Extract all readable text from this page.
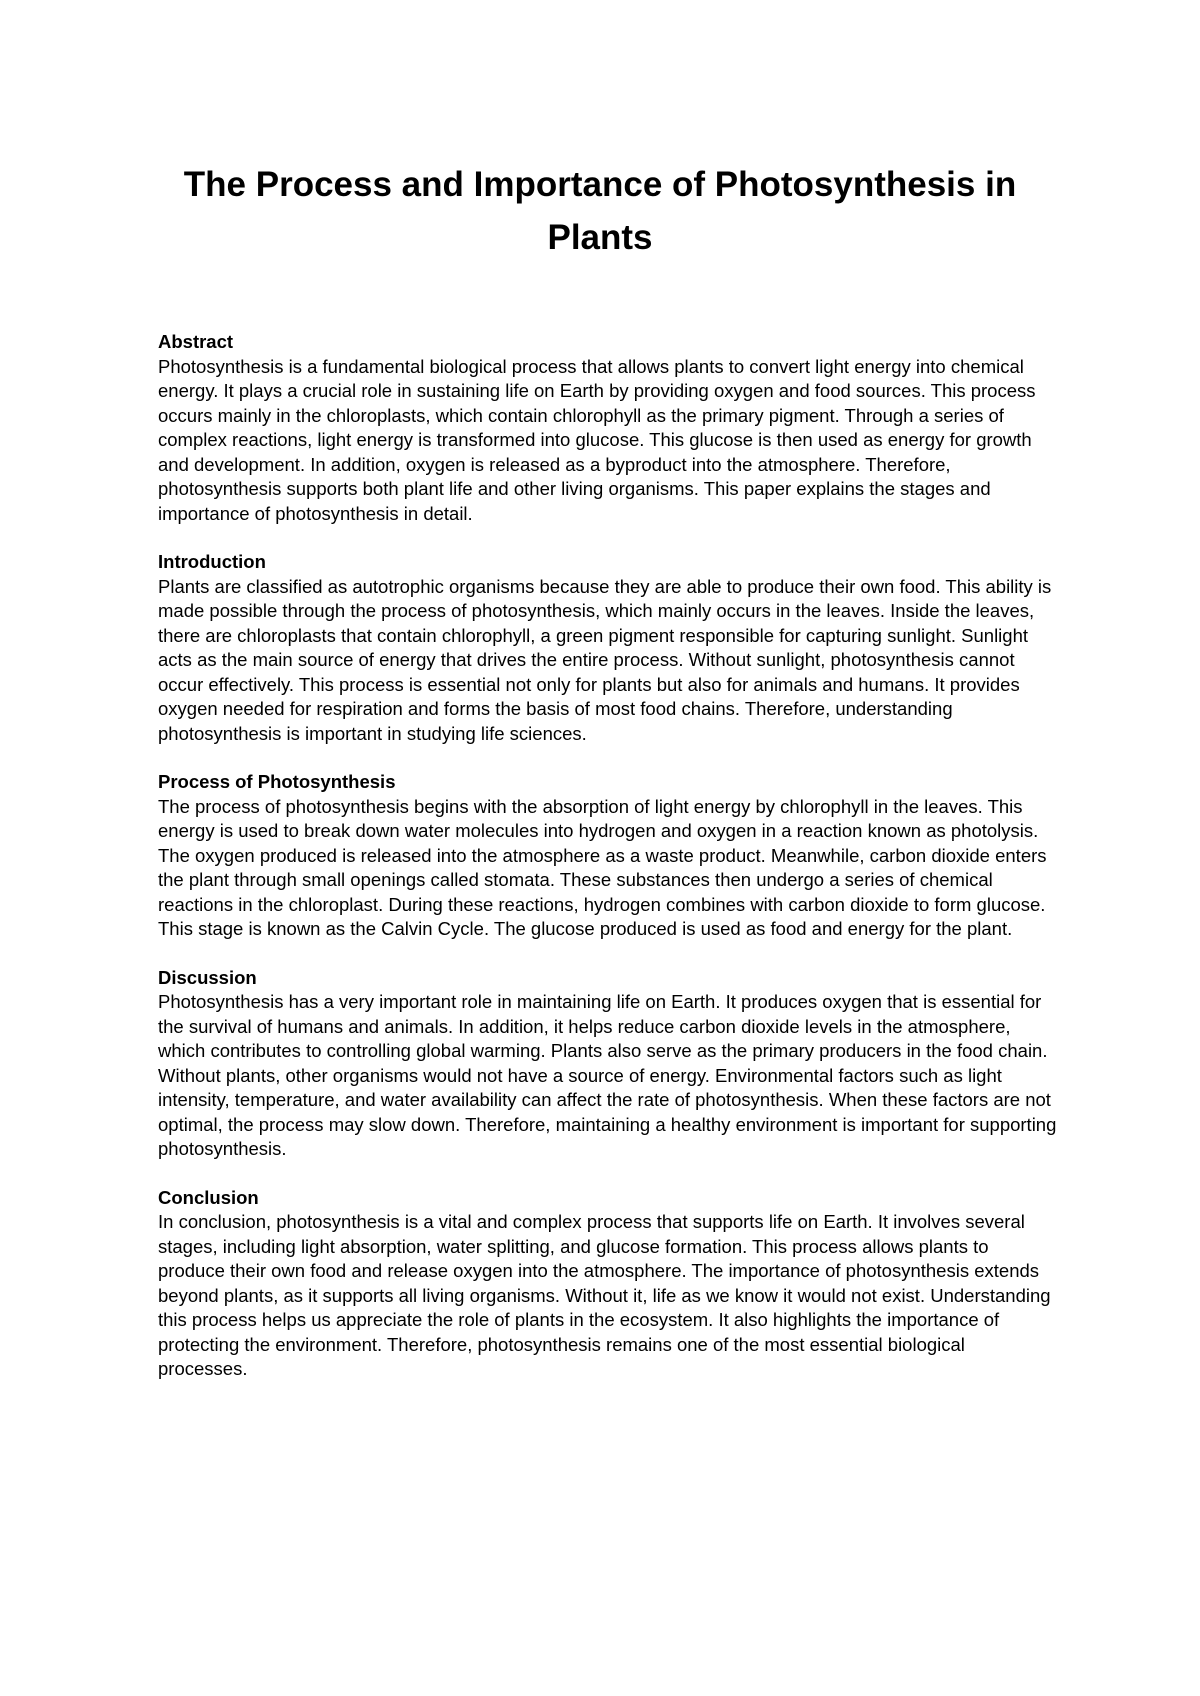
The Process and Importance of Photosynthesis in Plants

Abstract

Photosynthesis is a fundamental biological process that allows plants to convert light energy into chemical energy. It plays a crucial role in sustaining life on Earth by providing oxygen and food sources. This process occurs mainly in the chloroplasts, which contain chlorophyll as the primary pigment. Through a series of complex reactions, light energy is transformed into glucose. This glucose is then used as energy for growth and development. In addition, oxygen is released as a byproduct into the atmosphere. Therefore, photosynthesis supports both plant life and other living organisms. This paper explains the stages and importance of photosynthesis in detail.

Introduction

Plants are classified as autotrophic organisms because they are able to produce their own food. This ability is made possible through the process of photosynthesis, which mainly occurs in the leaves. Inside the leaves, there are chloroplasts that contain chlorophyll, a green pigment responsible for capturing sunlight. Sunlight acts as the main source of energy that drives the entire process. Without sunlight, photosynthesis cannot occur effectively. This process is essential not only for plants but also for animals and humans. It provides oxygen needed for respiration and forms the basis of most food chains. Therefore, understanding photosynthesis is important in studying life sciences.

Process of Photosynthesis

The process of photosynthesis begins with the absorption of light energy by chlorophyll in the leaves. This energy is used to break down water molecules into hydrogen and oxygen in a reaction known as photolysis. The oxygen produced is released into the atmosphere as a waste product. Meanwhile, carbon dioxide enters the plant through small openings called stomata. These substances then undergo a series of chemical reactions in the chloroplast. During these reactions, hydrogen combines with carbon dioxide to form glucose. This stage is known as the Calvin Cycle. The glucose produced is used as food and energy for the plant.

Discussion

Photosynthesis has a very important role in maintaining life on Earth. It produces oxygen that is essential for the survival of humans and animals. In addition, it helps reduce carbon dioxide levels in the atmosphere, which contributes to controlling global warming. Plants also serve as the primary producers in the food chain. Without plants, other organisms would not have a source of energy. Environmental factors such as light intensity, temperature, and water availability can affect the rate of photosynthesis. When these factors are not optimal, the process may slow down. Therefore, maintaining a healthy environment is important for supporting photosynthesis.

Conclusion

In conclusion, photosynthesis is a vital and complex process that supports life on Earth. It involves several stages, including light absorption, water splitting, and glucose formation. This process allows plants to produce their own food and release oxygen into the atmosphere. The importance of photosynthesis extends beyond plants, as it supports all living organisms. Without it, life as we know it would not exist. Understanding this process helps us appreciate the role of plants in the ecosystem. It also highlights the importance of protecting the environment. Therefore, photosynthesis remains one of the most essential biological processes.
